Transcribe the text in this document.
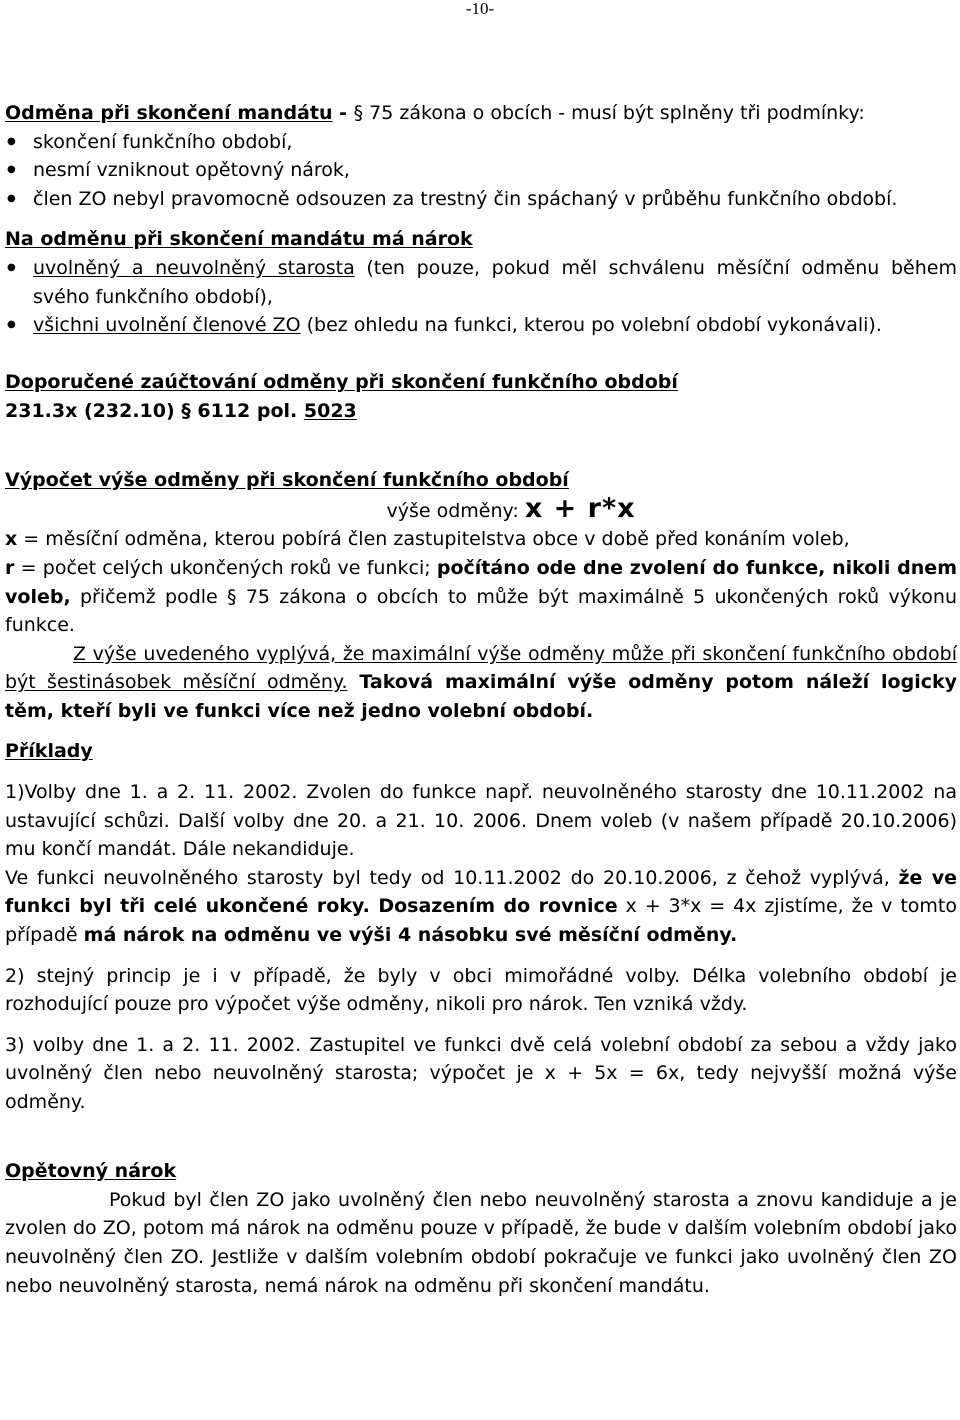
-10-

Odměna při skončení mandátu - § 75 zákona o obcích - musí být splněny tři podmínky:

● skončení funkčního období,
● nesmí vzniknout opětovný nárok,
● člen ZO nebyl pravomocně odsouzen za trestný čin spáchaný v průběhu funkčního období.

Na odměnu při skončení mandátu má nárok

● uvolněný a neuvolněný starosta (ten pouze, pokud měl schválenu měsíční odměnu během svého funkčního období),
● všichni uvolnění členové ZO (bez ohledu na funkci, kterou po volební období vykonávali).

Doporučené zaúčtování odměny při skončení funkčního období

231.3x (232.10) § 6112 pol. 5023

Výpočet výše odměny při skončení funkčního období

výše odměny: x + r*x

x = měsíční odměna, kterou pobírá člen zastupitelstva obce v době před konáním voleb,

r = počet celých ukončených roků ve funkci; počítáno ode dne zvolení do funkce, nikoli dnem voleb, přičemž podle § 75 zákona o obcích to může být maximálně 5 ukončených roků výkonu funkce.

Z výše uvedeného vyplývá, že maximální výše odměny může při skončení funkčního období být šestinásobek měsíční odměny. Taková maximální výše odměny potom náleží logicky těm, kteří byli ve funkci více než jedno volební období.

Příklady

1)Volby dne 1. a 2. 11. 2002. Zvolen do funkce např. neuvolněného starosty dne 10.11.2002 na ustavující schůzi. Další volby dne 20. a 21. 10. 2006. Dnem voleb (v našem případě 20.10.2006) mu končí mandát. Dále nekandiduje.

Ve funkci neuvolněného starosty byl tedy od 10.11.2002 do 20.10.2006, z čehož vyplývá, že ve funkci byl tři celé ukončené roky. Dosazením do rovnice x + 3*x = 4x zjistíme, že v tomto případě má nárok na odměnu ve výši 4 násobku své měsíční odměny.

2) stejný princip je i v případě, že byly v obci mimořádné volby. Délka volebního období je rozhodující pouze pro výpočet výše odměny, nikoli pro nárok. Ten vzniká vždy.

3) volby dne 1. a 2. 11. 2002. Zastupitel ve funkci dvě celá volební období za sebou a vždy jako uvolněný člen nebo neuvolněný starosta; výpočet je x + 5x = 6x, tedy nejvyšší možná výše odměny.

Opětovný nárok

Pokud byl člen ZO jako uvolněný člen nebo neuvolněný starosta a znovu kandiduje a je zvolen do ZO, potom má nárok na odměnu pouze v případě, že bude v dalším volebním období jako neuvolněný člen ZO. Jestliže v dalším volebním období pokračuje ve funkci jako uvolněný člen ZO nebo neuvolněný starosta, nemá nárok na odměnu při skončení mandátu.
